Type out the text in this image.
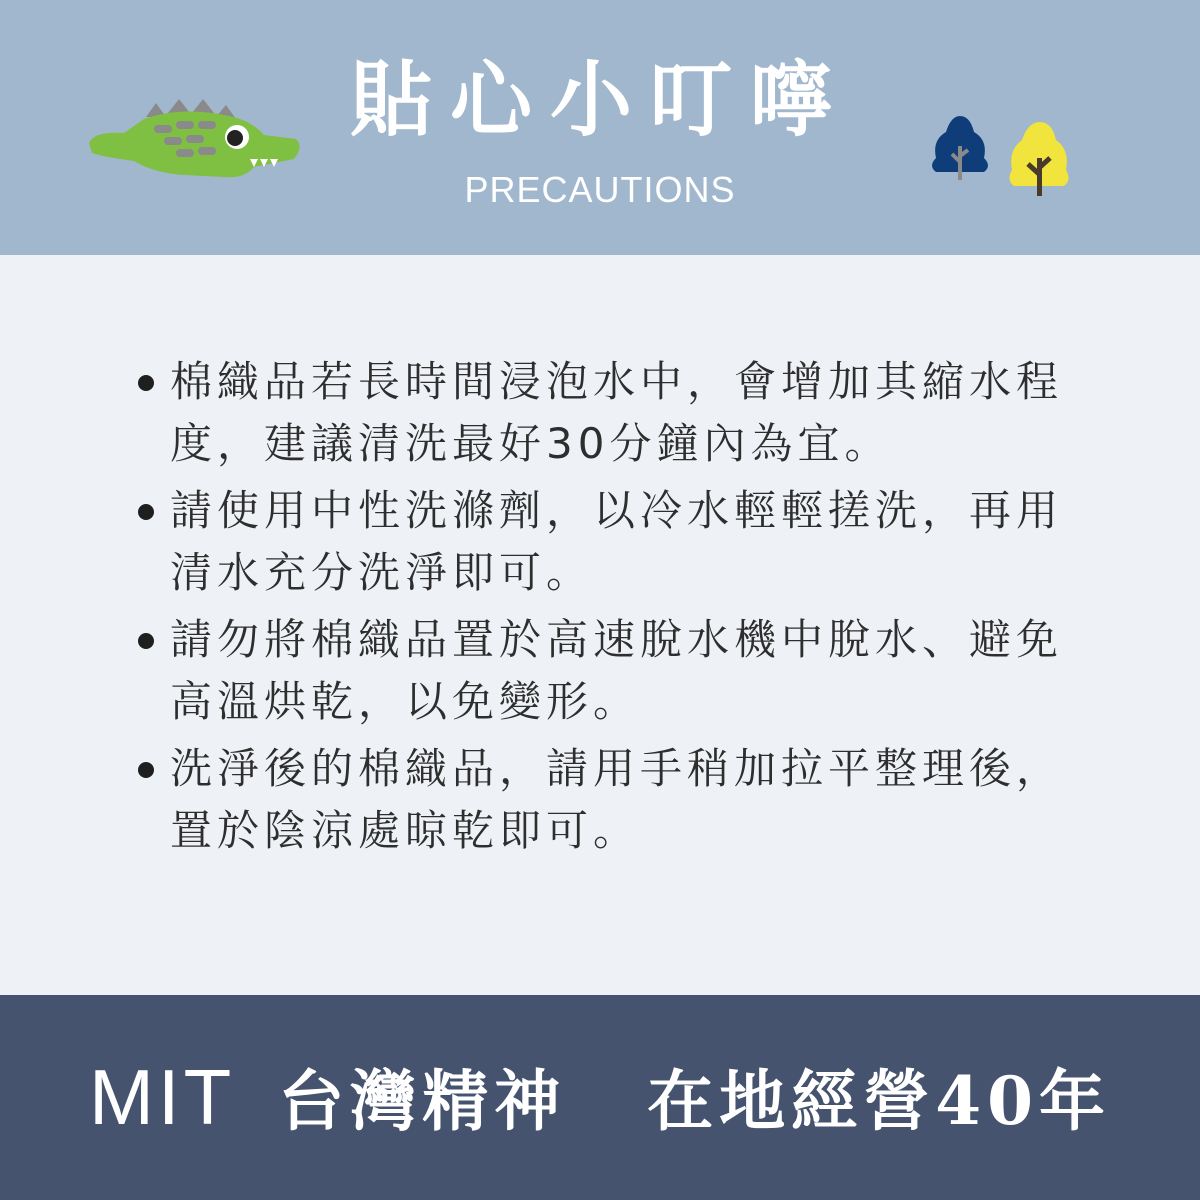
貼心小叮嚀
PRECAUTIONS
棉織品若長時間浸泡水中，會增加其縮水程度，建議清洗最好30分鐘內為宜。
請使用中性洗滌劑，以冷水輕輕搓洗，再用清水充分洗淨即可。
請勿將棉織品置於高速脫水機中脫水、避免高溫烘乾，以免變形。
洗淨後的棉織品，請用手稍加拉平整理後，置於陰涼處晾乾即可。
MIT 台灣精神 在地經營40年
